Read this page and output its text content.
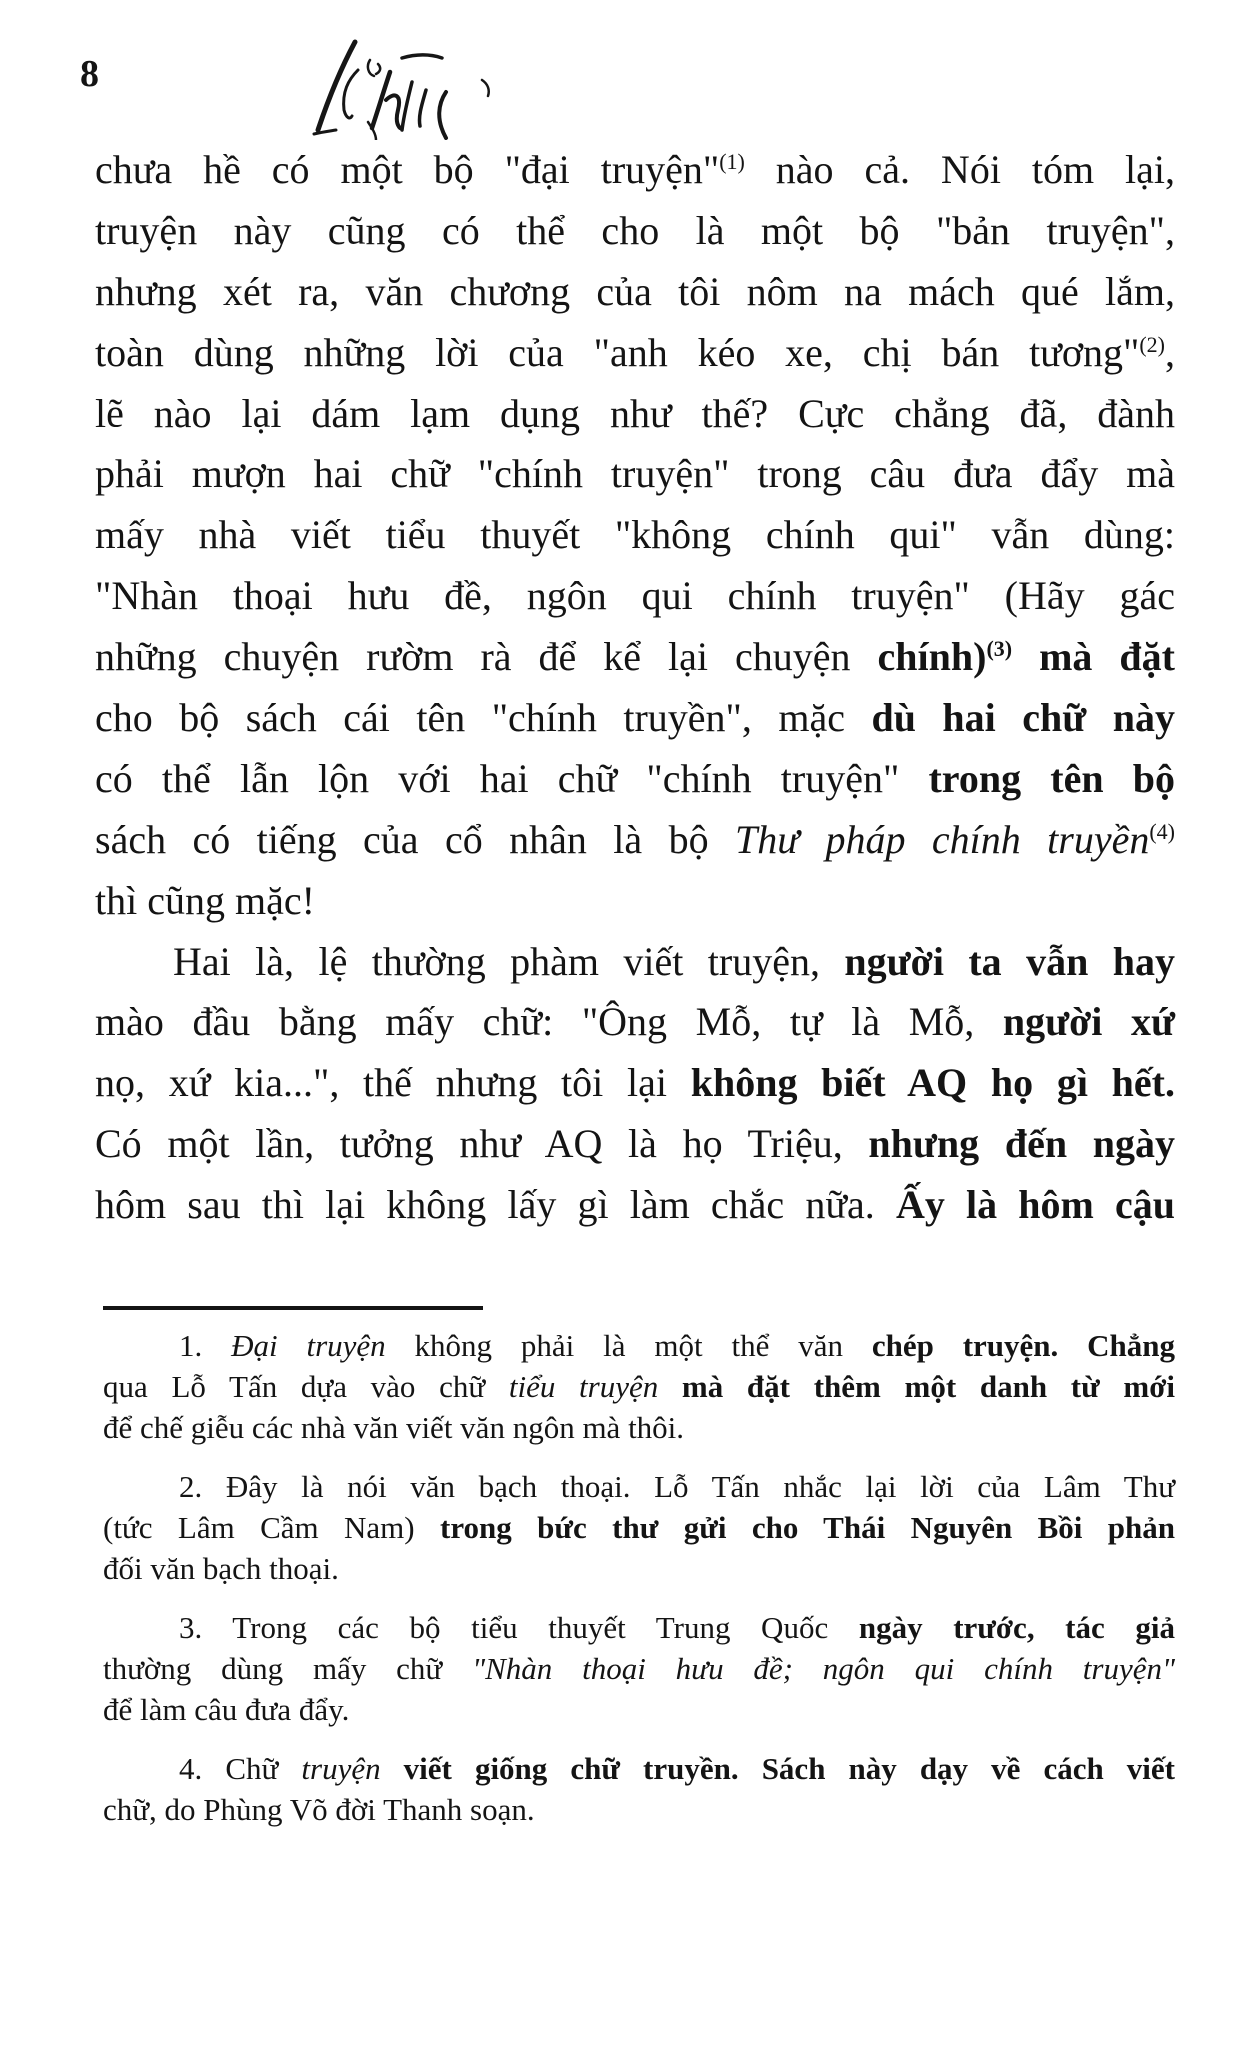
8
chưa hề có một bộ "đại truyện"$^{(1)}$ nào cả. Nói tóm lại,
truyện này cũng có thể cho là một bộ "bản truyện",
nhưng xét ra, văn chương của tôi nôm na mách qué lắm,
toàn dùng những lời của "anh kéo xe, chị bán tương"$^{(2)}$,
lẽ nào lại dám lạm dụng như thế? Cực chẳng đã, đành
phải mượn hai chữ "chính truyện" trong câu đưa đẩy mà
mấy nhà viết tiểu thuyết "không chính qui" vẫn dùng:
"Nhàn thoại hưu đề, ngôn qui chính truyện" (Hãy gác
những chuyện rườm rà để kể lại chuyện chính)$^{(3)}$ mà đặt
cho bộ sách cái tên "chính truyền", mặc dù hai chữ này
có thể lẫn lộn với hai chữ "chính truyện" trong tên bộ
sách có tiếng của cổ nhân là bộ Thư pháp chính truyền$^{(4)}$
thì cũng mặc!
Hai là, lệ thường phàm viết truyện, người ta vẫn hay
mào đầu bằng mấy chữ: "Ông Mỗ, tự là Mỗ, người xứ
nọ, xứ kia...", thế nhưng tôi lại không biết AQ họ gì hết.
Có một lần, tưởng như AQ là họ Triệu, nhưng đến ngày
hôm sau thì lại không lấy gì làm chắc nữa. Ấy là hôm cậu
1. Đại truyện không phải là một thể văn chép truyện. Chẳng
qua Lỗ Tấn dựa vào chữ tiểu truyện mà đặt thêm một danh từ mới
để chế giễu các nhà văn viết văn ngôn mà thôi.
2. Đây là nói văn bạch thoại. Lỗ Tấn nhắc lại lời của Lâm Thư
(tức Lâm Cầm Nam) trong bức thư gửi cho Thái Nguyên Bồi phản
đối văn bạch thoại.
3. Trong các bộ tiểu thuyết Trung Quốc ngày trước, tác giả
thường dùng mấy chữ "Nhàn thoại hưu đề; ngôn qui chính truyện"
để làm câu đưa đẩy.
4. Chữ truyện viết giống chữ truyền. Sách này dạy về cách viết
chữ, do Phùng Võ đời Thanh soạn.
